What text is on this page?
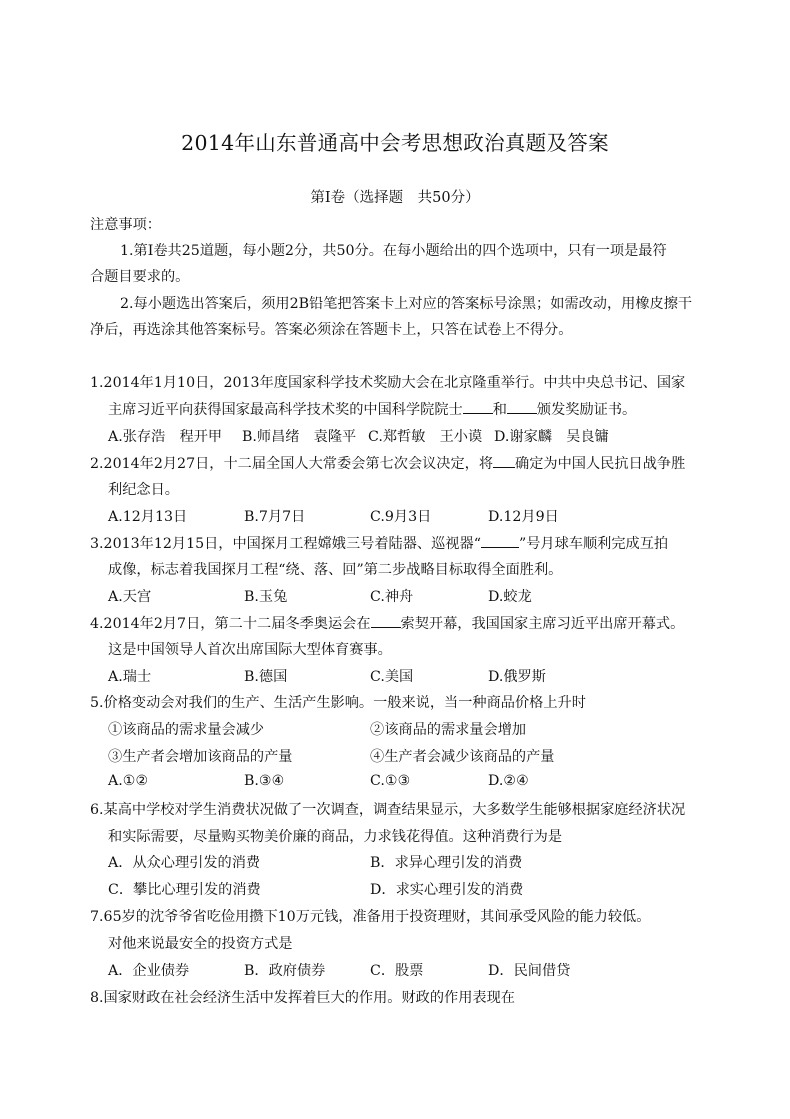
2014年山东普通高中会考思想政治真题及答案
第Ⅰ卷（选择题　共50分）
注意事项：
1.第Ⅰ卷共25道题，每小题2分，共50分。在每小题给出的四个选项中，只有一项是最符
合题目要求的。
2.每小题选出答案后，须用2B铅笔把答案卡上对应的答案标号涂黑；如需改动，用橡皮擦干
净后，再选涂其他答案标号。答案必须涂在答题卡上，只答在试卷上不得分。
1.2014年1月10日，2013年度国家科学技术奖励大会在北京隆重举行。中共中央总书记、国家
主席习近平向获得国家最高科学技术奖的中国科学院院士 和 颁发奖励证书。
A.张存浩　程开甲 B.师昌绪　袁隆平 C.郑哲敏　王小谟 D.谢家麟　吴良镛
2.2014年2月27日，十二届全国人大常委会第七次会议决定，将 确定为中国人民抗日战争胜
利纪念日。
A.12月13日	B.7月7日	C.9月3日	D.12月9日
3.2013年12月15日，中国探月工程嫦娥三号着陆器、巡视器“	”号月球车顺利完成互拍
成像，标志着我国探月工程“绕、落、回”第二步战略目标取得全面胜利。
A.天宫	B.玉兔	C.神舟	D.蛟龙
4.2014年2月7日，第二十二届冬季奥运会在 索契开幕，我国国家主席习近平出席开幕式。
这是中国领导人首次出席国际大型体育赛事。
A.瑞士	B.德国	C.美国	D.俄罗斯
5.价格变动会对我们的生产、生活产生影响。一般来说，当一种商品价格上升时
①该商品的需求量会减少	②该商品的需求量会增加
③生产者会增加该商品的产量	④生产者会减少该商品的产量
A.①②	B.③④	C.①③	D.②④
6.某高中学校对学生消费状况做了一次调查，调查结果显示，大多数学生能够根据家庭经济状况
和实际需要，尽量购买物美价廉的商品，力求钱花得值。这种消费行为是
A．从众心理引发的消费	B．求异心理引发的消费
C．攀比心理引发的消费	D．求实心理引发的消费
7.65岁的沈爷爷省吃俭用攒下10万元钱，准备用于投资理财，其间承受风险的能力较低。
对他来说最安全的投资方式是
A．企业债券	B．政府债券	C．股票	D．民间借贷
8.国家财政在社会经济生活中发挥着巨大的作用。财政的作用表现在
